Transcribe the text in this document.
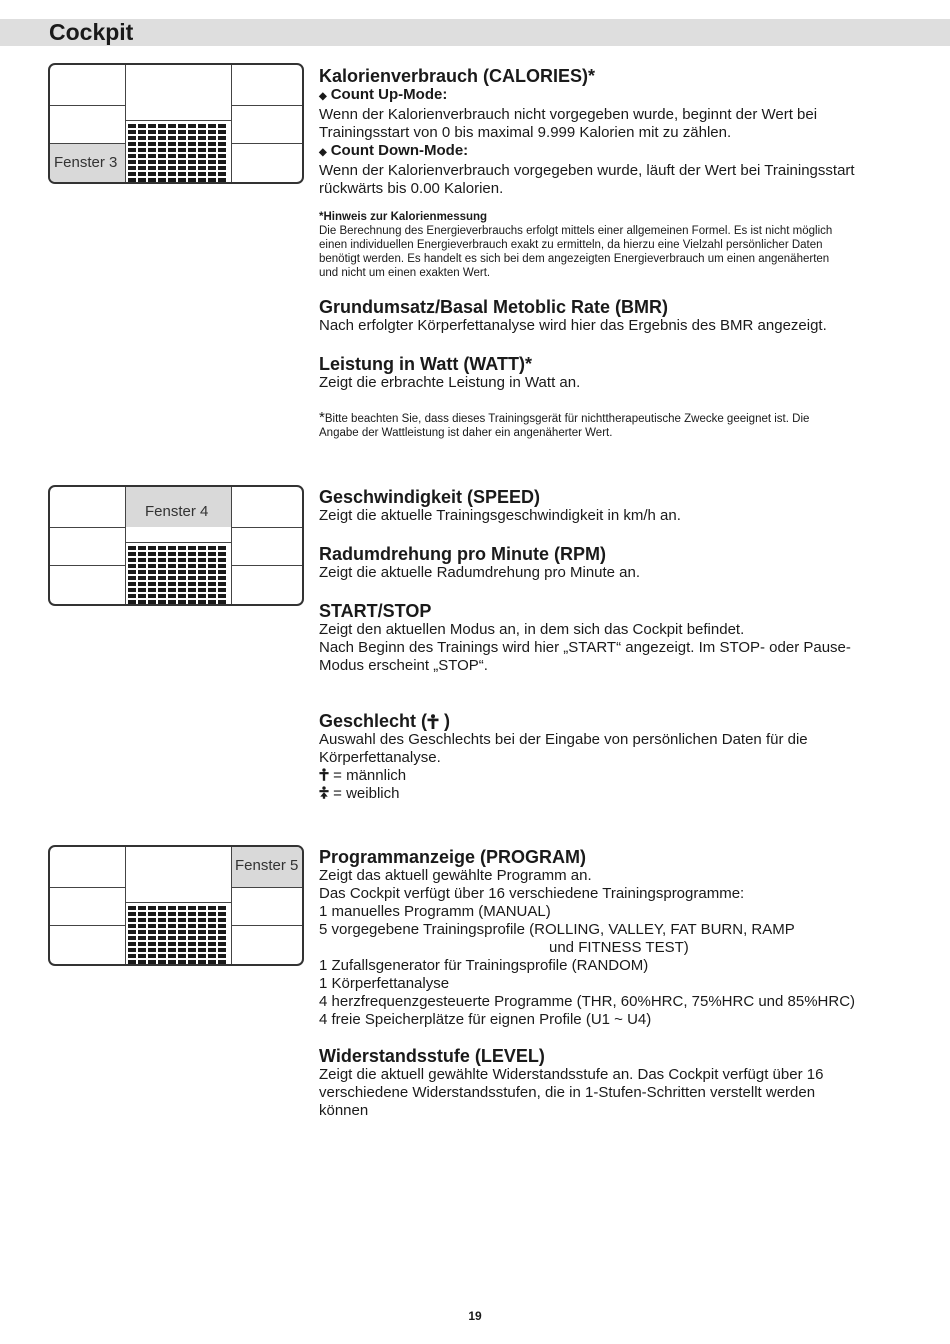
Cockpit
Fenster 3
Fenster 4
Fenster 5

Kalorienverbrauch (CALORIES)*

◆ Count Up-Mode:

Wenn der Kalorienverbrauch nicht vorgegeben wurde, beginnt der Wert bei
Trainingsstart von 0 bis maximal 9.999 Kalorien mit zu zählen.

◆ Count Down-Mode:

Wenn der Kalorienverbrauch vorgegeben wurde, läuft der Wert bei Trainingsstart
rückwärts bis 0.00 Kalorien.

*Hinweis zur Kalorienmessung

Die Berechnung des Energieverbrauchs erfolgt mittels einer allgemeinen Formel. Es ist nicht möglich
einen individuellen Energieverbrauch exakt zu ermitteln, da hierzu eine Vielzahl persönlicher Daten
benötigt werden. Es handelt es sich bei dem angezeigten Energieverbrauch um einen angenäherten
und nicht um einen exakten Wert.

Grundumsatz/Basal Metoblic Rate (BMR)

Nach erfolgter Körperfettanalyse wird hier das Ergebnis des BMR angezeigt.

Leistung in Watt (WATT)*

Zeigt die erbrachte Leistung in Watt an.

*Bitte beachten Sie, dass dieses Trainingsgerät für nichttherapeutische Zwecke geeignet ist. Die
Angabe der Wattleistung ist daher ein angenäherter Wert.

Geschwindigkeit (SPEED)

Zeigt die aktuelle Trainingsgeschwindigkeit in km/h an.

Radumdrehung pro Minute (RPM)

Zeigt die aktuelle Radumdrehung pro Minute an.

START/STOP

Zeigt den aktuellen Modus an, in dem sich das Cockpit befindet.
Nach Beginn des Trainings wird hier „START“ angezeigt. Im STOP- oder Pause-
Modus erscheint „STOP“.

Geschlecht ( )

Auswahl des Geschlechts bei der Eingabe von persönlichen Daten für die
Körperfettanalyse.

= männlich

= weiblich

Programmanzeige (PROGRAM)

Zeigt das aktuell gewählte Programm an.

Das Cockpit verfügt über 16 verschiedene Trainingsprogramme:

1 manuelles Programm (MANUAL)

5 vorgegebene Trainingsprofile (ROLLING, VALLEY, FAT BURN, RAMP

und FITNESS TEST)

1 Zufallsgenerator für Trainingsprofile (RANDOM)

1 Körperfettanalyse

4 herzfrequenzgesteuerte Programme (THR, 60%HRC, 75%HRC und 85%HRC)

4 freie Speicherplätze für eignen Profile (U1 ~ U4)

Widerstandsstufe (LEVEL)

Zeigt die aktuell gewählte Widerstandsstufe an. Das Cockpit verfügt über 16
verschiedene Widerstandsstufen, die in 1-Stufen-Schritten verstellt werden
können

19
